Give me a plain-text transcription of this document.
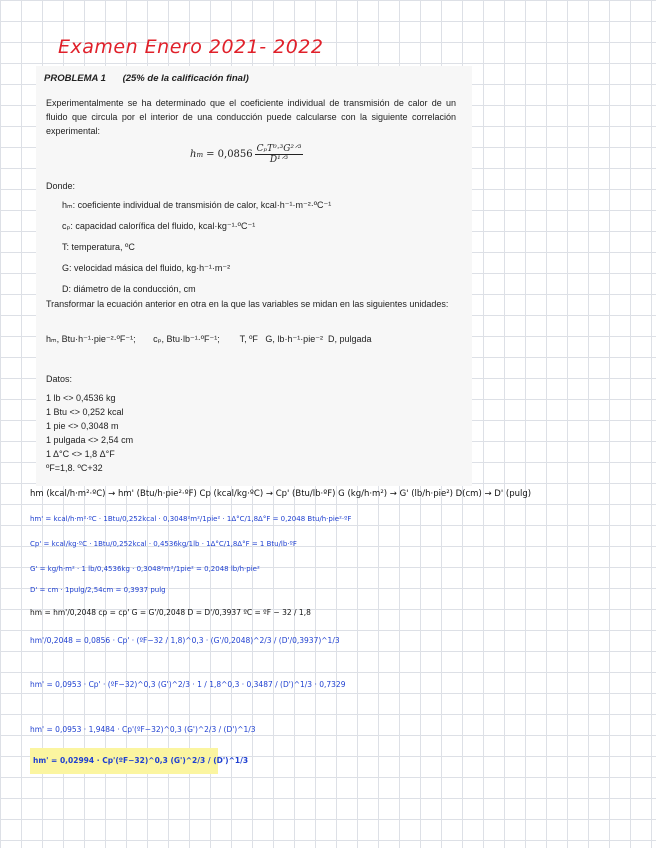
Examen Enero 2021- 2022
PROBLEMA 1 (25% de la calificación final)
Experimentalmente se ha determinado que el coeficiente individual de transmisión de calor de un fluido que circula por el interior de una conducción puede calcularse con la siguiente correlación experimental:
h $m = 0,0856 \frac{\text{CₚT⁰·³G²ᐟ³}}{\text{D¹ᐟ³}}$
Donde:
hₘ: coeficiente individual de transmisión de calor, kcal·h⁻¹·m⁻²·ºC⁻¹
cₚ: capacidad calorífica del fluido, kcal·kg⁻¹·ºC⁻¹
T: temperatura, ºC
G: velocidad másica del fluido, kg·h⁻¹·m⁻²
D: diámetro de la conducción, cm
Transformar la ecuación anterior en otra en la que las variables se midan en las siguientes unidades:
hₘ, Btu·h⁻¹·pie⁻²·ºF⁻¹;       cₚ, Btu·lb⁻¹·ºF⁻¹;        T, ºF   G, lb·h⁻¹·pie⁻²  D, pulgada
Datos:
1 lb <> 0,4536 kg
1 Btu <> 0,252 kcal
1 pie <> 0,3048 m
1 pulgada <> 2,54 cm
1 Δ°C <> 1,8 Δ°F
ºF=1,8. ºC+32
hm (kcal/h·m²·ºC) → hm' (Btu/h·pie²·ºF) Cp (kcal/kg·ºC) → Cp' (Btu/lb·ºF) G (kg/h·m²) → G' (lb/h·pie²) D(cm) → D' (pulg)
hm' = kcal/h·m²·ºC · 1Btu/0,252kcal · 0,3048²m²/1pie² · 1Δ°C/1,8Δ°F = 0,2048 Btu/h·pie²·ºF
Cp' = kcal/kg·ºC · 1Btu/0,252kcal · 0,4536kg/1lb · 1Δ°C/1,8Δ°F = 1 Btu/lb·ºF
G' = kg/h·m² · 1 lb/0,4536kg · 0,3048²m²/1pie² = 0,2048 lb/h·pie²
D' = cm · 1pulg/2,54cm = 0,3937 pulg
hm = hm'/0,2048 cp = cp' G = G'/0,2048 D = D'/0,3937 ºC = ºF − 32 / 1,8
hm'/0,2048 = 0,0856 · Cp' · (ºF−32 / 1,8)^0,3 · (G'/0,2048)^2/3 / (D'/0,3937)^1/3
hm' = 0,0953 · Cp' · (ºF−32)^0,3 (G')^2/3 · 1 / 1,8^0,3 · 0,3487 / (D')^1/3 · 0,7329
hm' = 0,0953 · 1,9484 · Cp'(ºF−32)^0,3 (G')^2/3 / (D')^1/3
hm' = 0,02994 · Cp'(ºF−32)^0,3 (G')^2/3 / (D')^1/3
